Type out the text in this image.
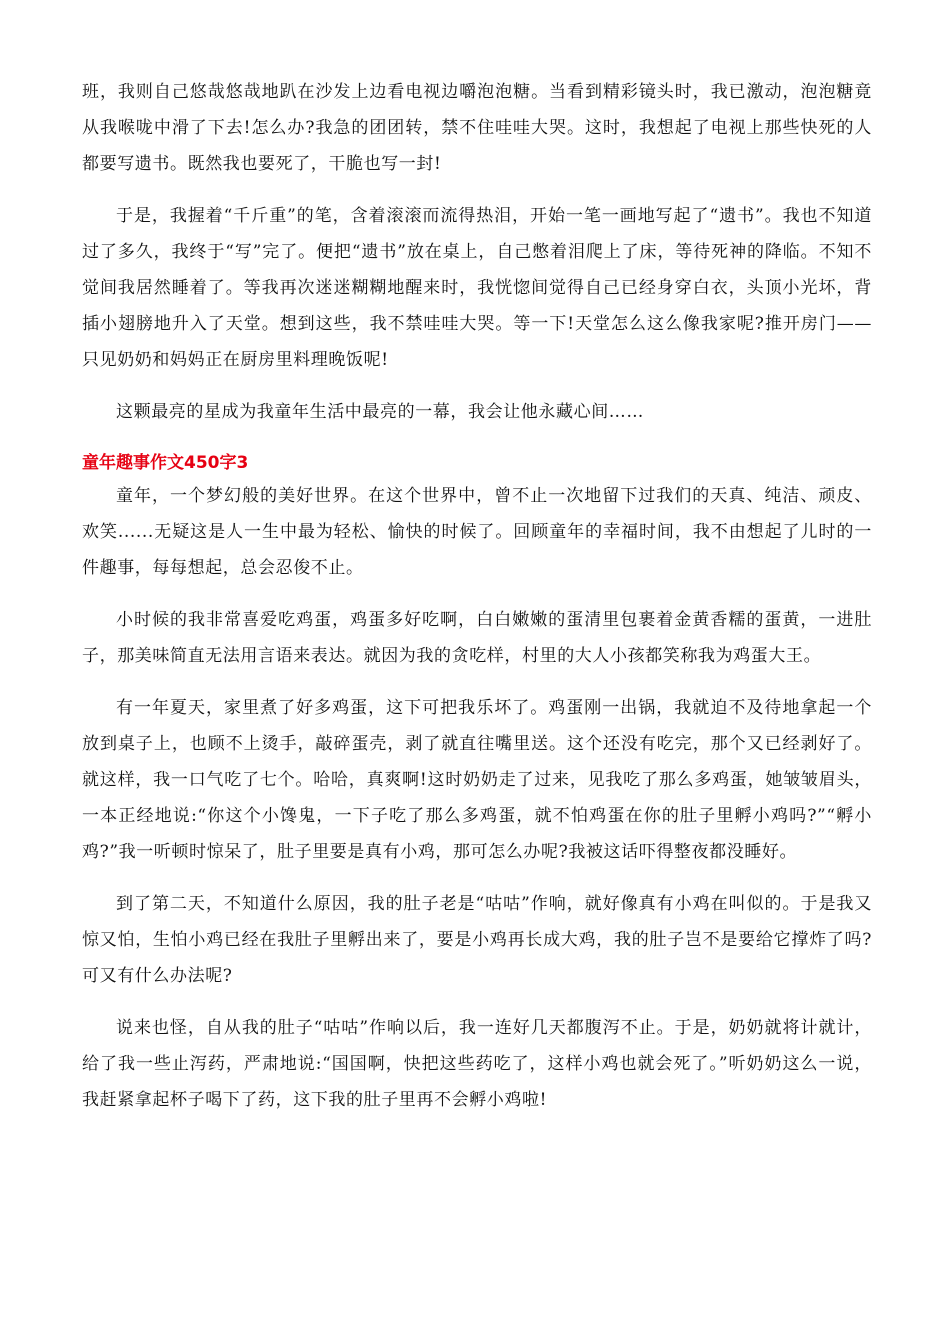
班，我则自己悠哉悠哉地趴在沙发上边看电视边嚼泡泡糖。当看到精彩镜头时，我已激动，泡泡糖竟从我喉咙中滑了下去!怎么办?我急的团团转，禁不住哇哇大哭。这时，我想起了电视上那些快死的人都要写遗书。既然我也要死了，干脆也写一封!

于是，我握着“千斤重”的笔，含着滚滚而流得热泪，开始一笔一画地写起了“遗书”。我也不知道过了多久，我终于“写”完了。便把“遗书”放在桌上，自己憋着泪爬上了床，等待死神的降临。不知不觉间我居然睡着了。等我再次迷迷糊糊地醒来时，我恍惚间觉得自己已经身穿白衣，头顶小光坏，背插小翅膀地升入了天堂。想到这些，我不禁哇哇大哭。等一下!天堂怎么这么像我家呢?推开房门——只见奶奶和妈妈正在厨房里料理晚饭呢!

这颗最亮的星成为我童年生活中最亮的一幕，我会让他永藏心间……

童年趣事作文450字3

童年，一个梦幻般的美好世界。在这个世界中，曾不止一次地留下过我们的天真、纯洁、顽皮、欢笑......无疑这是人一生中最为轻松、愉快的时候了。回顾童年的幸福时间，我不由想起了儿时的一件趣事，每每想起，总会忍俊不止。

小时候的我非常喜爱吃鸡蛋，鸡蛋多好吃啊，白白嫩嫩的蛋清里包裹着金黄香糯的蛋黄，一进肚子，那美味简直无法用言语来表达。就因为我的贪吃样，村里的大人小孩都笑称我为鸡蛋大王。

有一年夏天，家里煮了好多鸡蛋，这下可把我乐坏了。鸡蛋刚一出锅，我就迫不及待地拿起一个放到桌子上，也顾不上烫手，敲碎蛋壳，剥了就直往嘴里送。这个还没有吃完，那个又已经剥好了。就这样，我一口气吃了七个。哈哈，真爽啊!这时奶奶走了过来，见我吃了那么多鸡蛋，她皱皱眉头，一本正经地说:“你这个小馋鬼，一下子吃了那么多鸡蛋，就不怕鸡蛋在你的肚子里孵小鸡吗?”“孵小鸡?”我一听顿时惊呆了，肚子里要是真有小鸡，那可怎么办呢?我被这话吓得整夜都没睡好。

到了第二天，不知道什么原因，我的肚子老是“咕咕”作响，就好像真有小鸡在叫似的。于是我又惊又怕，生怕小鸡已经在我肚子里孵出来了，要是小鸡再长成大鸡，我的肚子岂不是要给它撑炸了吗?可又有什么办法呢?

说来也怪，自从我的肚子“咕咕”作响以后，我一连好几天都腹泻不止。于是，奶奶就将计就计，给了我一些止泻药，严肃地说:“国国啊，快把这些药吃了，这样小鸡也就会死了。”听奶奶这么一说，我赶紧拿起杯子喝下了药，这下我的肚子里再不会孵小鸡啦!
